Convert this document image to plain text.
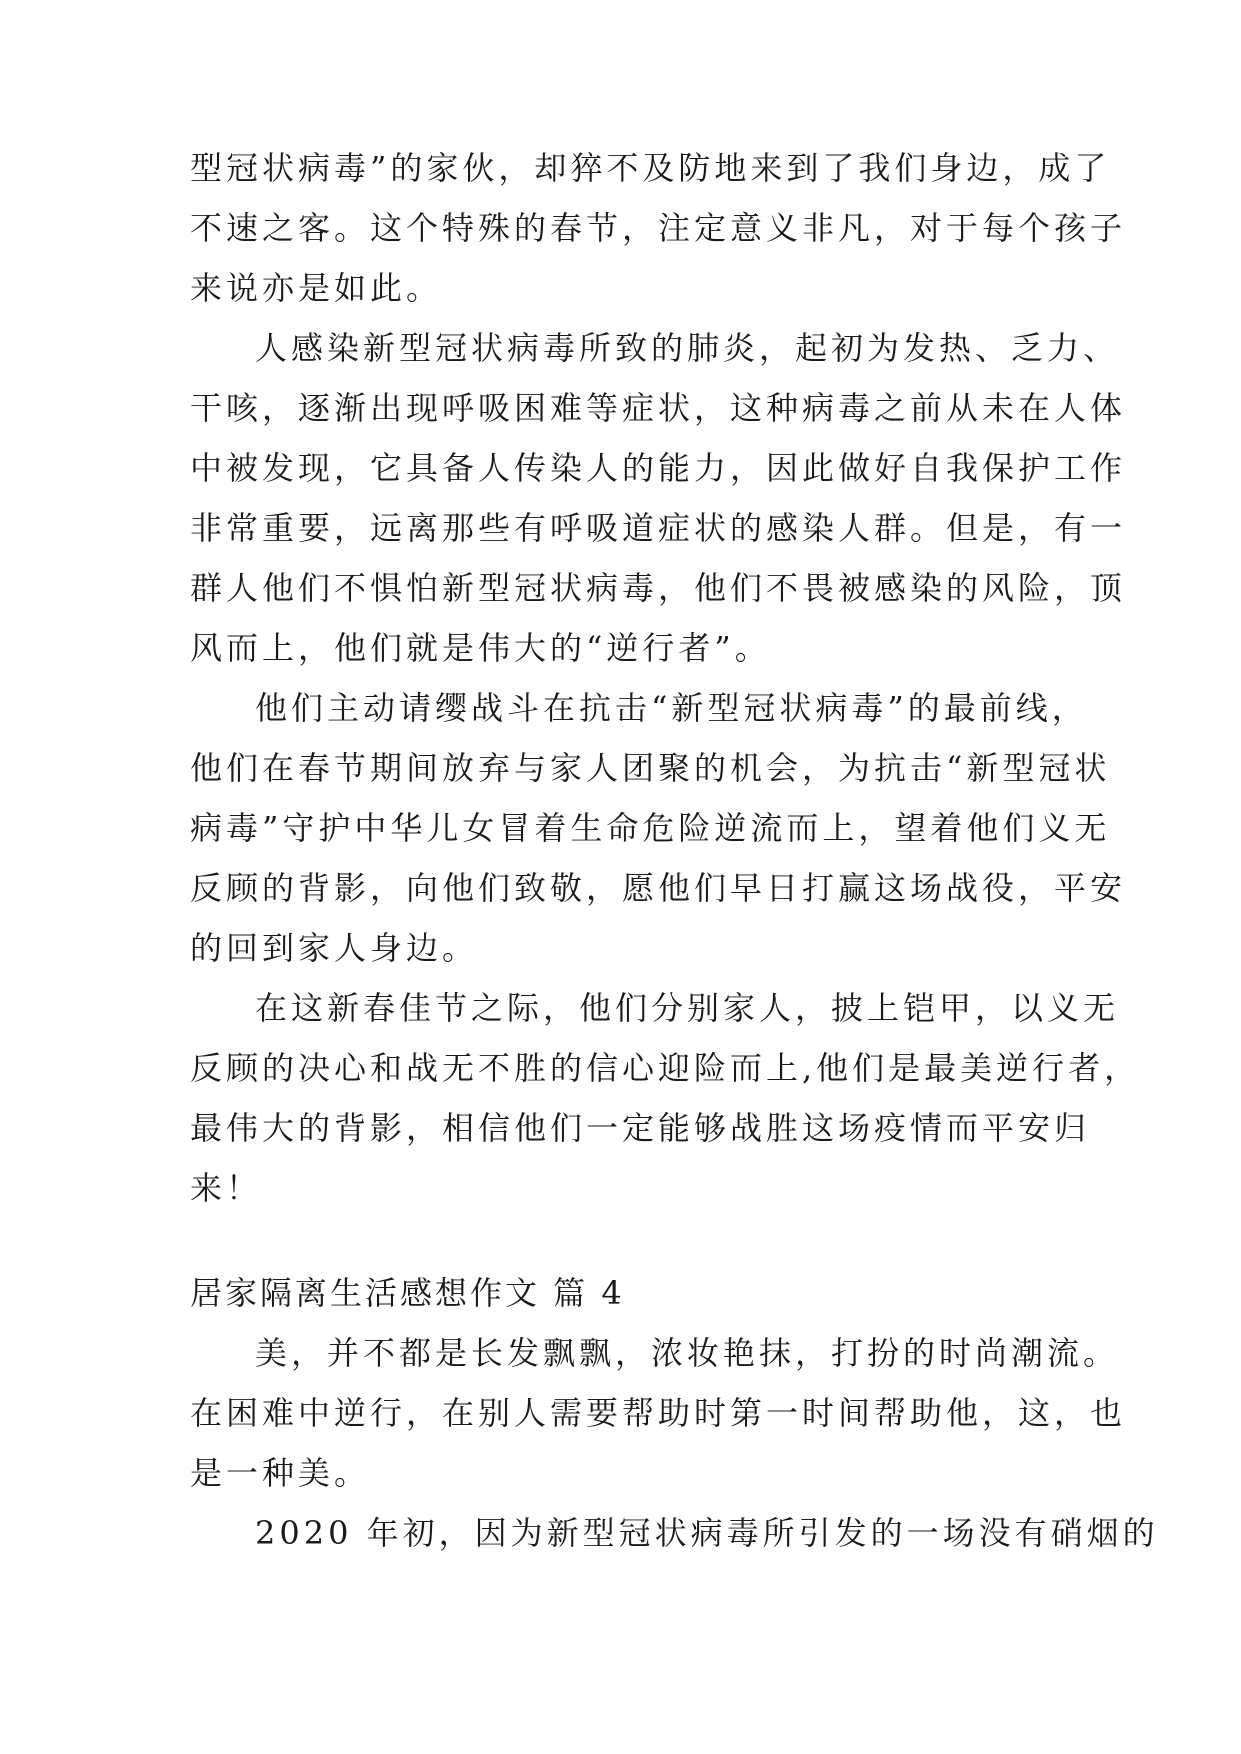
型冠状病毒”的家伙，却猝不及防地来到了我们身边，成了
不速之客。这个特殊的春节，注定意义非凡，对于每个孩子
来说亦是如此。
人感染新型冠状病毒所致的肺炎，起初为发热、乏力、
干咳，逐渐出现呼吸困难等症状，这种病毒之前从未在人体
中被发现，它具备人传染人的能力，因此做好自我保护工作
非常重要，远离那些有呼吸道症状的感染人群。但是，有一
群人他们不惧怕新型冠状病毒，他们不畏被感染的风险，顶
风而上，他们就是伟大的“逆行者”。
他们主动请缨战斗在抗击“新型冠状病毒”的最前线，
他们在春节期间放弃与家人团聚的机会，为抗击“新型冠状
病毒”守护中华儿女冒着生命危险逆流而上，望着他们义无
反顾的背影，向他们致敬，愿他们早日打赢这场战役，平安
的回到家人身边。
在这新春佳节之际，他们分别家人，披上铠甲，以义无
反顾的决心和战无不胜的信心迎险而上,他们是最美逆行者，
最伟大的背影，相信他们一定能够战胜这场疫情而平安归
来！
居家隔离生活感想作文 篇 4
美，并不都是长发飘飘，浓妆艳抹，打扮的时尚潮流。
在困难中逆行，在别人需要帮助时第一时间帮助他，这，也
是一种美。
2020 年初，因为新型冠状病毒所引发的一场没有硝烟的
